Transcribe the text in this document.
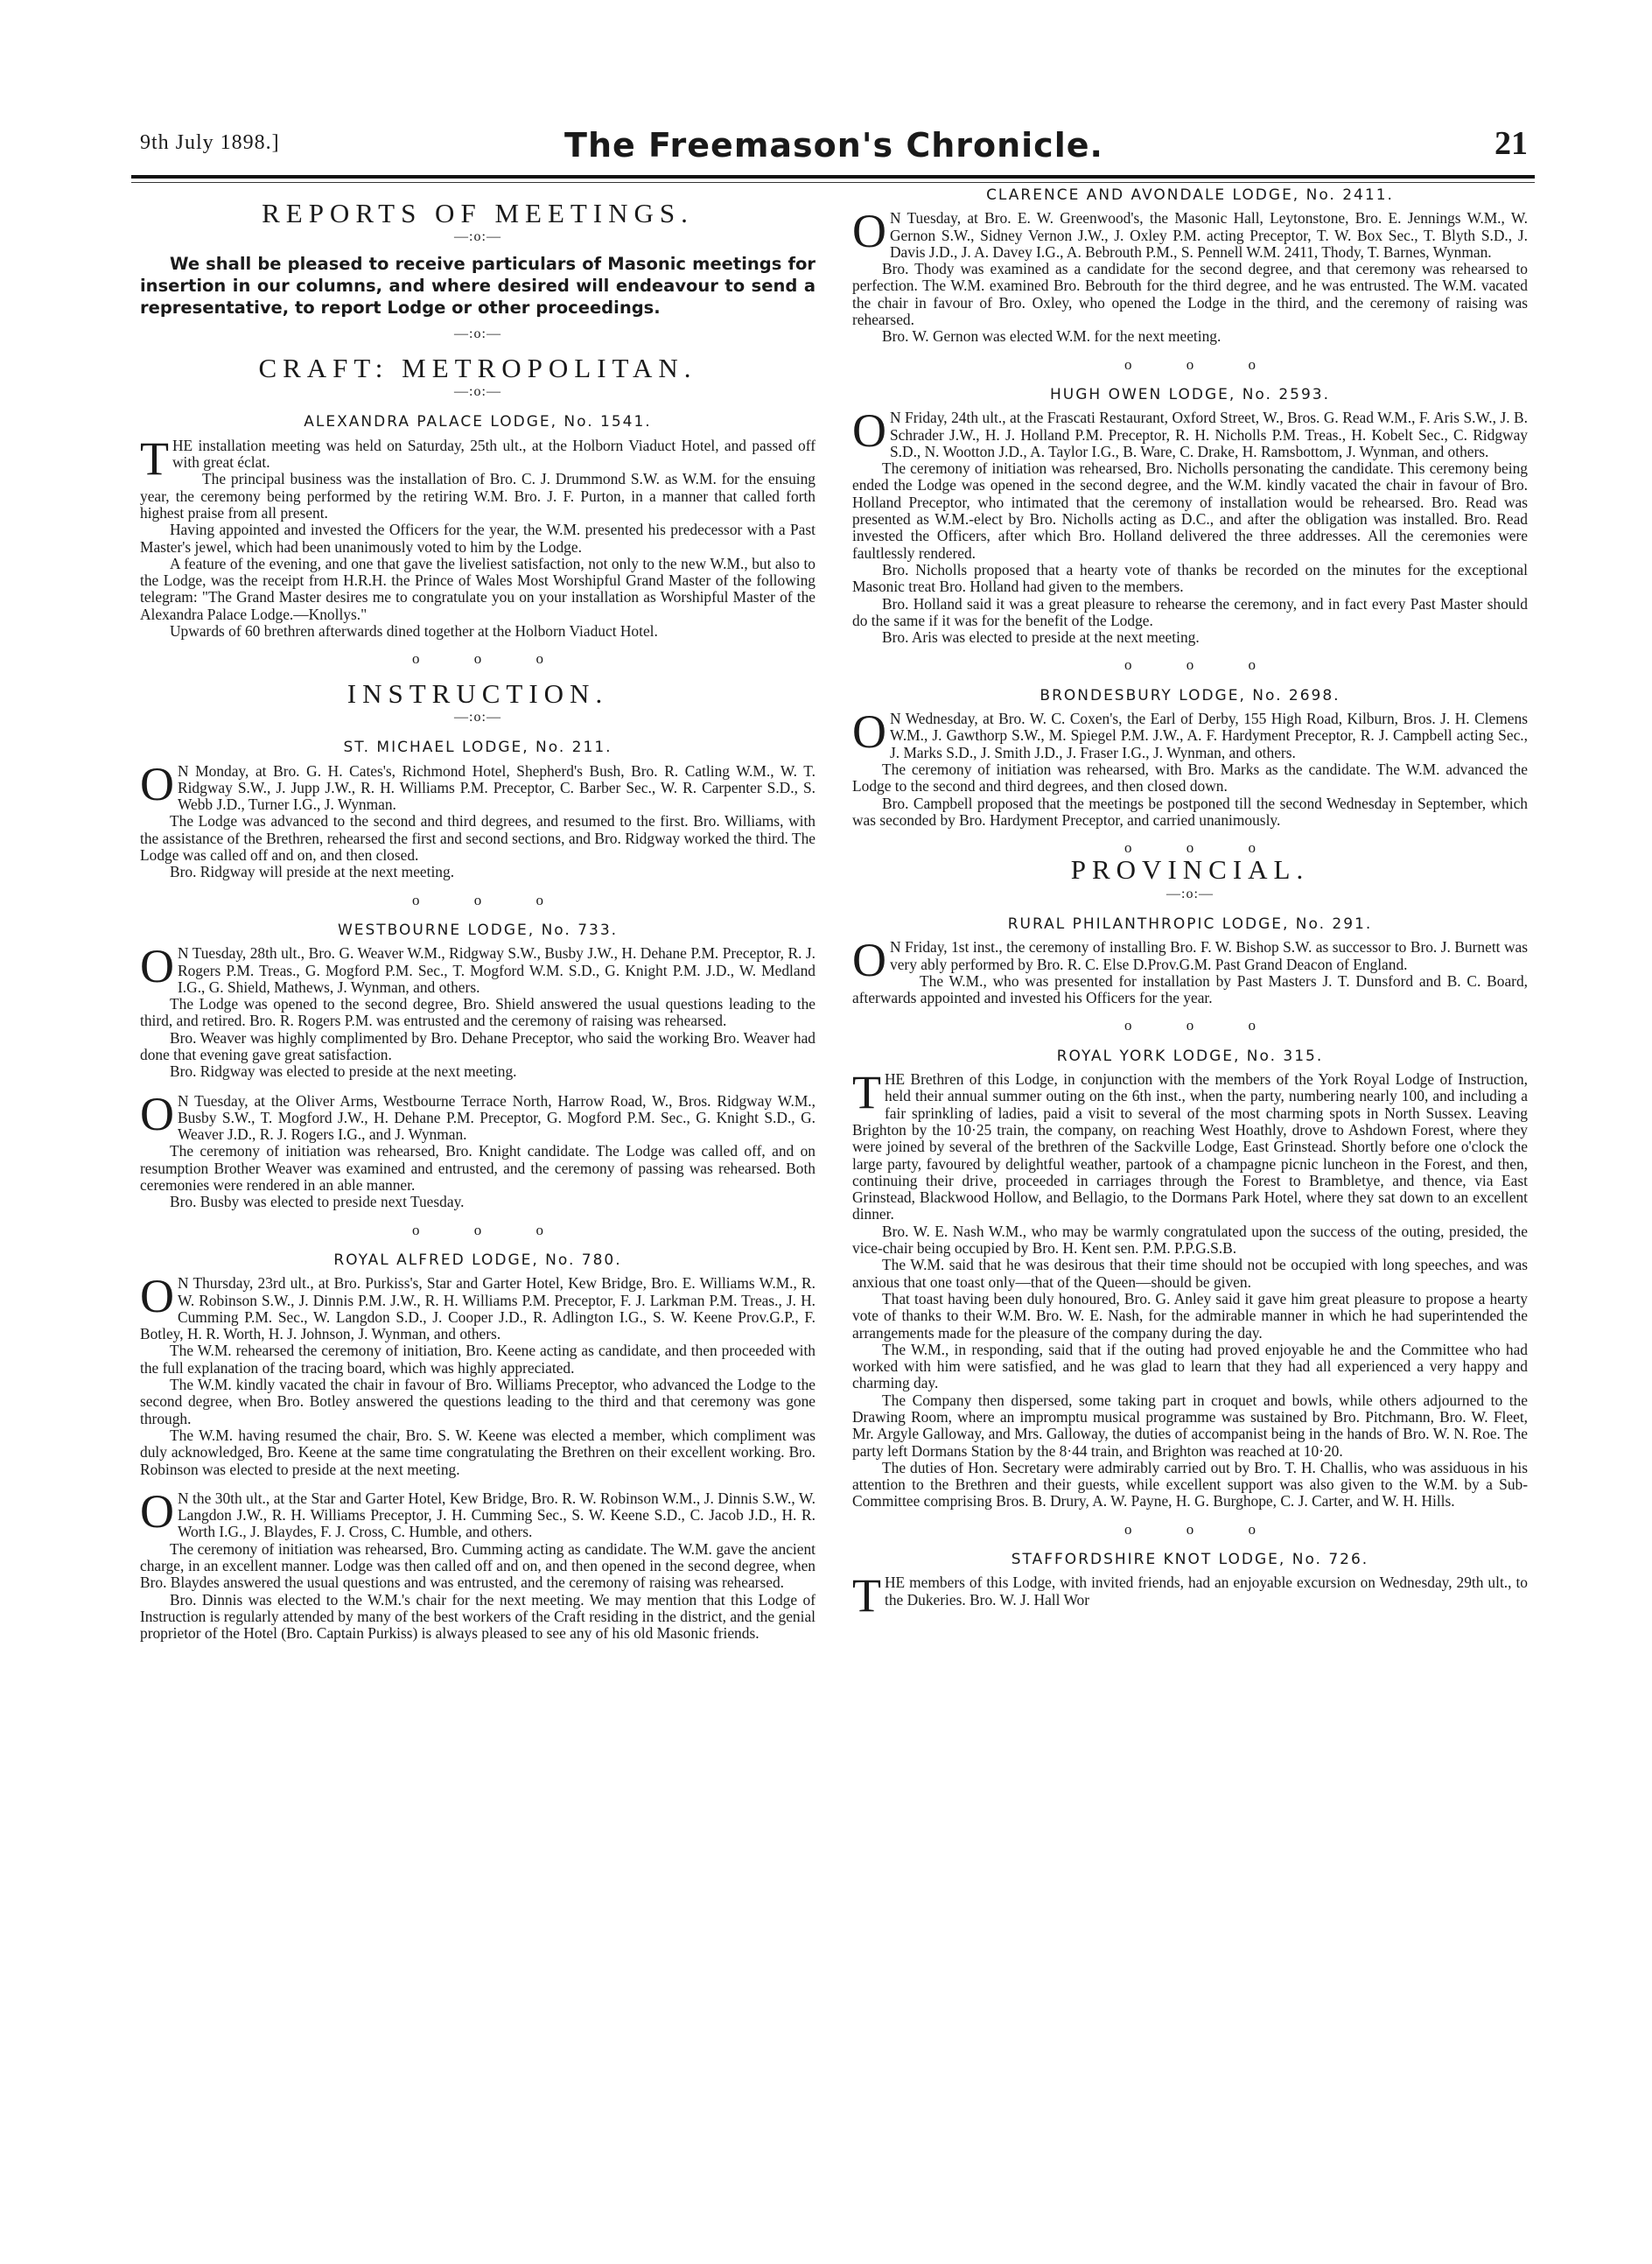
9th July 1898.]	The Freemason's Chronicle.	21
REPORTS OF MEETINGS.
—:o:—

We shall be pleased to receive particulars of Masonic meetings for insertion in our columns, and where desired will endeavour to send a representative, to report Lodge or other proceedings.

—:o:—
CRAFT: METROPOLITAN.
—:o:—
ALEXANDRA PALACE LODGE, No. 1541.

THE installation meeting was held on Saturday, 25th ult., at the Holborn Viaduct Hotel, and passed off with great éclat.

The principal business was the installation of Bro. C. J. Drummond S.W. as W.M. for the ensuing year, the ceremony being performed by the retiring W.M. Bro. J. F. Purton, in a manner that called forth highest praise from all present.

Having appointed and invested the Officers for the year, the W.M. presented his predecessor with a Past Master's jewel, which had been unanimously voted to him by the Lodge.

A feature of the evening, and one that gave the liveliest satisfaction, not only to the new W.M., but also to the Lodge, was the receipt from H.R.H. the Prince of Wales Most Worshipful Grand Master of the following telegram: "The Grand Master desires me to congratulate you on your installation as Worshipful Master of the Alexandra Palace Lodge.—Knollys."

Upwards of 60 brethren afterwards dined together at the Holborn Viaduct Hotel.

o o o
INSTRUCTION.
—:o:—
ST. MICHAEL LODGE, No. 211.

ON Monday, at Bro. G. H. Cates's, Richmond Hotel, Shepherd's Bush, Bro. R. Catling W.M., W. T. Ridgway S.W., J. Jupp J.W., R. H. Williams P.M. Preceptor, C. Barber Sec., W. R. Carpenter S.D., S. Webb J.D., Turner I.G., J. Wynman.

The Lodge was advanced to the second and third degrees, and resumed to the first. Bro. Williams, with the assistance of the Brethren, rehearsed the first and second sections, and Bro. Ridgway worked the third. The Lodge was called off and on, and then closed.

Bro. Ridgway will preside at the next meeting.

o o o
WESTBOURNE LODGE, No. 733.

ON Tuesday, 28th ult., Bro. G. Weaver W.M., Ridgway S.W., Busby J.W., H. Dehane P.M. Preceptor, R. J. Rogers P.M. Treas., G. Mogford P.M. Sec., T. Mogford W.M. S.D., G. Knight P.M. J.D., W. Medland I.G., G. Shield, Mathews, J. Wynman, and others.

The Lodge was opened to the second degree, Bro. Shield answered the usual questions leading to the third, and retired. Bro. R. Rogers P.M. was entrusted and the ceremony of raising was rehearsed.

Bro. Weaver was highly complimented by Bro. Dehane Preceptor, who said the working Bro. Weaver had done that evening gave great satisfaction.

Bro. Ridgway was elected to preside at the next meeting.

ON Tuesday, at the Oliver Arms, Westbourne Terrace North, Harrow Road, W., Bros. Ridgway W.M., Busby S.W., T. Mogford J.W., H. Dehane P.M. Preceptor, G. Mogford P.M. Sec., G. Knight S.D., G. Weaver J.D., R. J. Rogers I.G., and J. Wynman.

The ceremony of initiation was rehearsed, Bro. Knight candidate. The Lodge was called off, and on resumption Brother Weaver was examined and entrusted, and the ceremony of passing was rehearsed. Both ceremonies were rendered in an able manner.

Bro. Busby was elected to preside next Tuesday.

o o o
ROYAL ALFRED LODGE, No. 780.

ON Thursday, 23rd ult., at Bro. Purkiss's, Star and Garter Hotel, Kew Bridge, Bro. E. Williams W.M., R. W. Robinson S.W., J. Dinnis P.M. J.W., R. H. Williams P.M. Preceptor, F. J. Larkman P.M. Treas., J. H. Cumming P.M. Sec., W. Langdon S.D., J. Cooper J.D., R. Adlington I.G., S. W. Keene Prov.G.P., F. Botley, H. R. Worth, H. J. Johnson, J. Wynman, and others.

The W.M. rehearsed the ceremony of initiation, Bro. Keene acting as candidate, and then proceeded with the full explanation of the tracing board, which was highly appreciated.

The W.M. kindly vacated the chair in favour of Bro. Williams Preceptor, who advanced the Lodge to the second degree, when Bro. Botley answered the questions leading to the third and that ceremony was gone through.

The W.M. having resumed the chair, Bro. S. W. Keene was elected a member, which compliment was duly acknowledged, Bro. Keene at the same time congratulating the Brethren on their excellent working. Bro. Robinson was elected to preside at the next meeting.

ON the 30th ult., at the Star and Garter Hotel, Kew Bridge, Bro. R. W. Robinson W.M., J. Dinnis S.W., W. Langdon J.W., R. H. Williams Preceptor, J. H. Cumming Sec., S. W. Keene S.D., C. Jacob J.D., H. R. Worth I.G., J. Blaydes, F. J. Cross, C. Humble, and others.

The ceremony of initiation was rehearsed, Bro. Cumming acting as candidate. The W.M. gave the ancient charge, in an excellent manner. Lodge was then called off and on, and then opened in the second degree, when Bro. Blaydes answered the usual questions and was entrusted, and the ceremony of raising was rehearsed.

Bro. Dinnis was elected to the W.M.'s chair for the next meeting. We may mention that this Lodge of Instruction is regularly attended by many of the best workers of the Craft residing in the district, and the genial proprietor of the Hotel (Bro. Captain Purkiss) is always pleased to see any of his old Masonic friends.

CLARENCE AND AVONDALE LODGE, No. 2411.

ON Tuesday, at Bro. E. W. Greenwood's, the Masonic Hall, Leytonstone, Bro. E. Jennings W.M., W. Gernon S.W., Sidney Vernon J.W., J. Oxley P.M. acting Preceptor, T. W. Box Sec., T. Blyth S.D., J. Davis J.D., J. A. Davey I.G., A. Bebrouth P.M., S. Pennell W.M. 2411, Thody, T. Barnes, Wynman.

Bro. Thody was examined as a candidate for the second degree, and that ceremony was rehearsed to perfection. The W.M. examined Bro. Bebrouth for the third degree, and he was entrusted. The W.M. vacated the chair in favour of Bro. Oxley, who opened the Lodge in the third, and the ceremony of raising was rehearsed.

Bro. W. Gernon was elected W.M. for the next meeting.

o o o
HUGH OWEN LODGE, No. 2593.

ON Friday, 24th ult., at the Frascati Restaurant, Oxford Street, W., Bros. G. Read W.M., F. Aris S.W., J. B. Schrader J.W., H. J. Holland P.M. Preceptor, R. H. Nicholls P.M. Treas., H. Kobelt Sec., C. Ridgway S.D., N. Wootton J.D., A. Taylor I.G., B. Ware, C. Drake, H. Ramsbottom, J. Wynman, and others.

The ceremony of initiation was rehearsed, Bro. Nicholls personating the candidate. This ceremony being ended the Lodge was opened in the second degree, and the W.M. kindly vacated the chair in favour of Bro. Holland Preceptor, who intimated that the ceremony of installation would be rehearsed. Bro. Read was presented as W.M.-elect by Bro. Nicholls acting as D.C., and after the obligation was installed. Bro. Read invested the Officers, after which Bro. Holland delivered the three addresses. All the ceremonies were faultlessly rendered.

Bro. Nicholls proposed that a hearty vote of thanks be recorded on the minutes for the exceptional Masonic treat Bro. Holland had given to the members.

Bro. Holland said it was a great pleasure to rehearse the ceremony, and in fact every Past Master should do the same if it was for the benefit of the Lodge.

Bro. Aris was elected to preside at the next meeting.

o o o
BRONDESBURY LODGE, No. 2698.

ON Wednesday, at Bro. W. C. Coxen's, the Earl of Derby, 155 High Road, Kilburn, Bros. J. H. Clemens W.M., J. Gawthorp S.W., M. Spiegel P.M. J.W., A. F. Hardyment Preceptor, R. J. Campbell acting Sec., J. Marks S.D., J. Smith J.D., J. Fraser I.G., J. Wynman, and others.

The ceremony of initiation was rehearsed, with Bro. Marks as the candidate. The W.M. advanced the Lodge to the second and third degrees, and then closed down.

Bro. Campbell proposed that the meetings be postponed till the second Wednesday in September, which was seconded by Bro. Hardyment Preceptor, and carried unanimously.

o o o
PROVINCIAL.
—:o:—
RURAL PHILANTHROPIC LODGE, No. 291.

ON Friday, 1st inst., the ceremony of installing Bro. F. W. Bishop S.W. as successor to Bro. J. Burnett was very ably performed by Bro. R. C. Else D.Prov.G.M. Past Grand Deacon of England.

The W.M., who was presented for installation by Past Masters J. T. Dunsford and B. C. Board, afterwards appointed and invested his Officers for the year.

o o o
ROYAL YORK LODGE, No. 315.

THE Brethren of this Lodge, in conjunction with the members of the York Royal Lodge of Instruction, held their annual summer outing on the 6th inst., when the party, numbering nearly 100, and including a fair sprinkling of ladies, paid a visit to several of the most charming spots in North Sussex. Leaving Brighton by the 10·25 train, the company, on reaching West Hoathly, drove to Ashdown Forest, where they were joined by several of the brethren of the Sackville Lodge, East Grinstead. Shortly before one o'clock the large party, favoured by delightful weather, partook of a champagne picnic luncheon in the Forest, and then, continuing their drive, proceeded in carriages through the Forest to Brambletye, and thence, via East Grinstead, Blackwood Hollow, and Bellagio, to the Dormans Park Hotel, where they sat down to an excellent dinner.

Bro. W. E. Nash W.M., who may be warmly congratulated upon the success of the outing, presided, the vice-chair being occupied by Bro. H. Kent sen. P.M. P.P.G.S.B.

The W.M. said that he was desirous that their time should not be occupied with long speeches, and was anxious that one toast only—that of the Queen—should be given.

That toast having been duly honoured, Bro. G. Anley said it gave him great pleasure to propose a hearty vote of thanks to their W.M. Bro. W. E. Nash, for the admirable manner in which he had superintended the arrangements made for the pleasure of the company during the day.

The W.M., in responding, said that if the outing had proved enjoyable he and the Committee who had worked with him were satisfied, and he was glad to learn that they had all experienced a very happy and charming day.

The Company then dispersed, some taking part in croquet and bowls, while others adjourned to the Drawing Room, where an impromptu musical programme was sustained by Bro. Pitchmann, Bro. W. Fleet, Mr. Argyle Galloway, and Mrs. Galloway, the duties of accompanist being in the hands of Bro. W. N. Roe. The party left Dormans Station by the 8·44 train, and Brighton was reached at 10·20.

The duties of Hon. Secretary were admirably carried out by Bro. T. H. Challis, who was assiduous in his attention to the Brethren and their guests, while excellent support was also given to the W.M. by a Sub-Committee comprising Bros. B. Drury, A. W. Payne, H. G. Burghope, C. J. Carter, and W. H. Hills.

o o o
STAFFORDSHIRE KNOT LODGE, No. 726.

THE members of this Lodge, with invited friends, had an enjoyable excursion on Wednesday, 29th ult., to the Dukeries. Bro. W. J. Hall Wor
